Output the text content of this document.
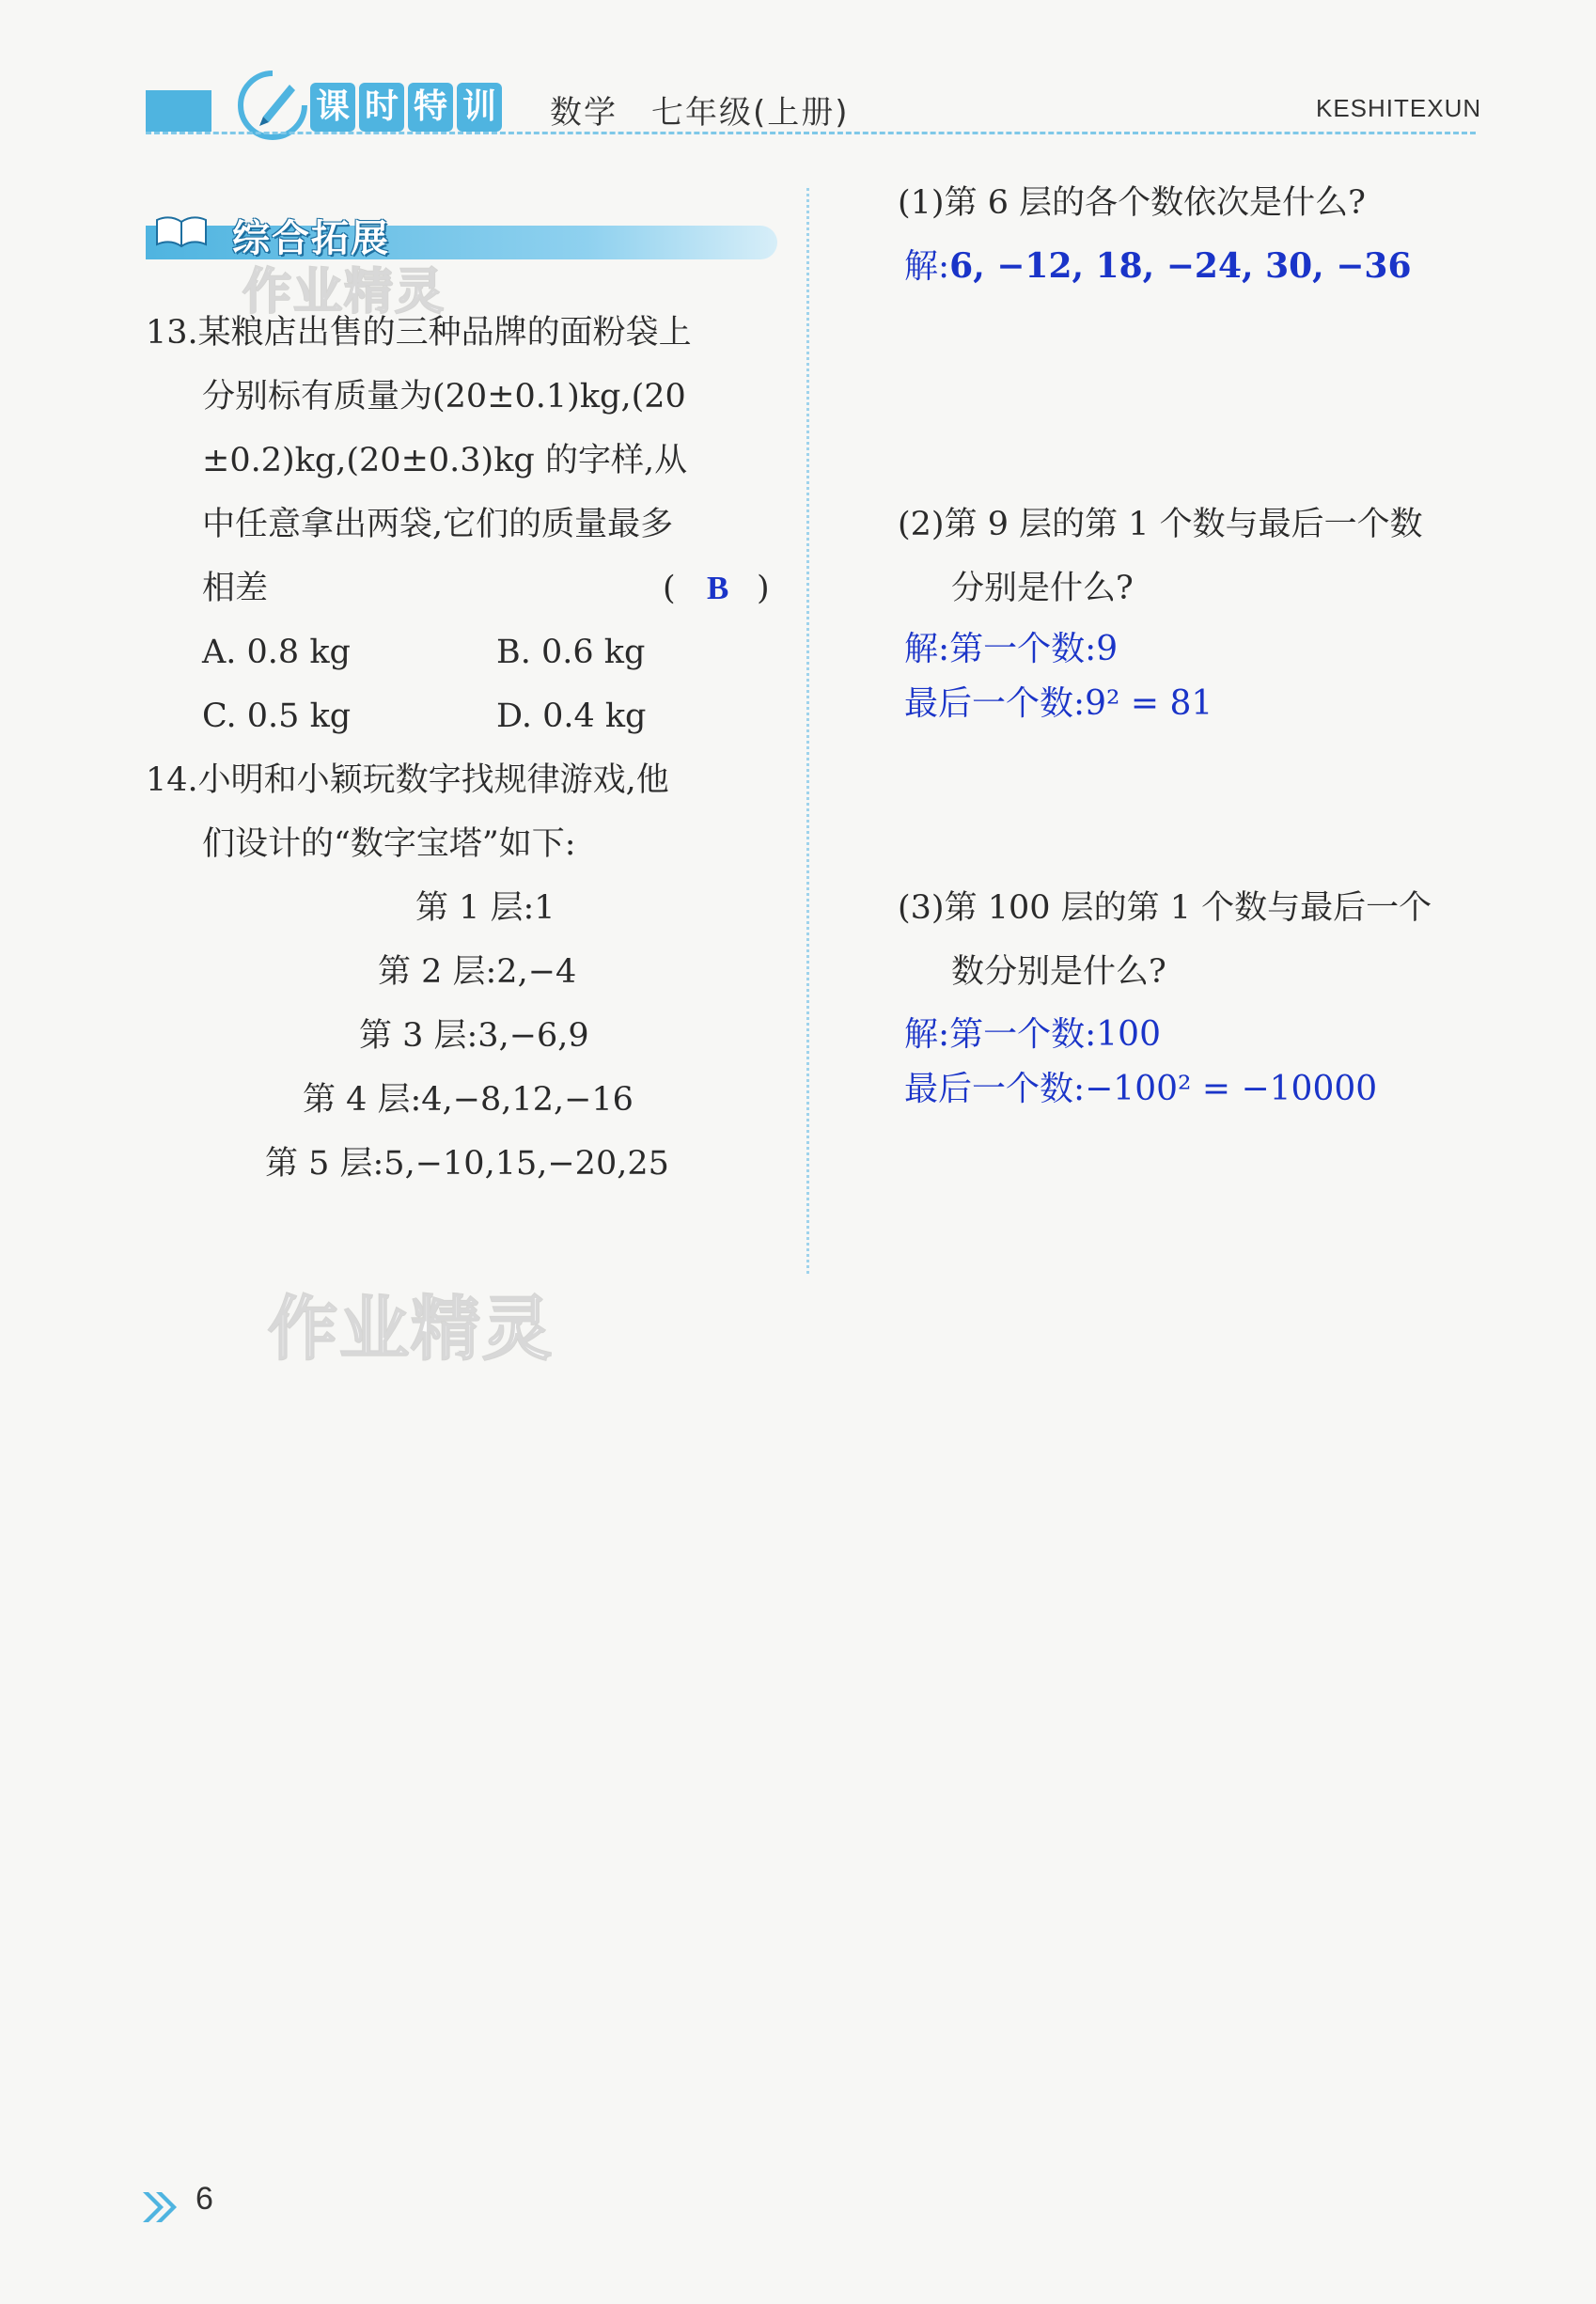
课 时 特 训 数学　七年级(上册)	KESHITEXUN
综合拓展
作业精灵
13.某粮店出售的三种品牌的面粉袋上
分别标有质量为(20±0.1)kg,(20
±0.2)kg,(20±0.3)kg 的字样,从
中任意拿出两袋,它们的质量最多
相差	( B )
A. 0.8 kg	B. 0.6 kg
C. 0.5 kg	D. 0.4 kg
14.小明和小颖玩数字找规律游戏,他
们设计的“数字宝塔”如下:
第 1 层:1
第 2 层:2,−4
第 3 层:3,−6,9
第 4 层:4,−8,12,−16
第 5 层:5,−10,15,−20,25
作业精灵
(1)第 6 层的各个数依次是什么?
解:6, −12, 18, −24, 30, −36
(2)第 9 层的第 1 个数与最后一个数
分别是什么?
解:第一个数:9
最后一个数:9² = 81
(3)第 100 层的第 1 个数与最后一个
数分别是什么?
解:第一个数:100
最后一个数:−100² = −10000
6
